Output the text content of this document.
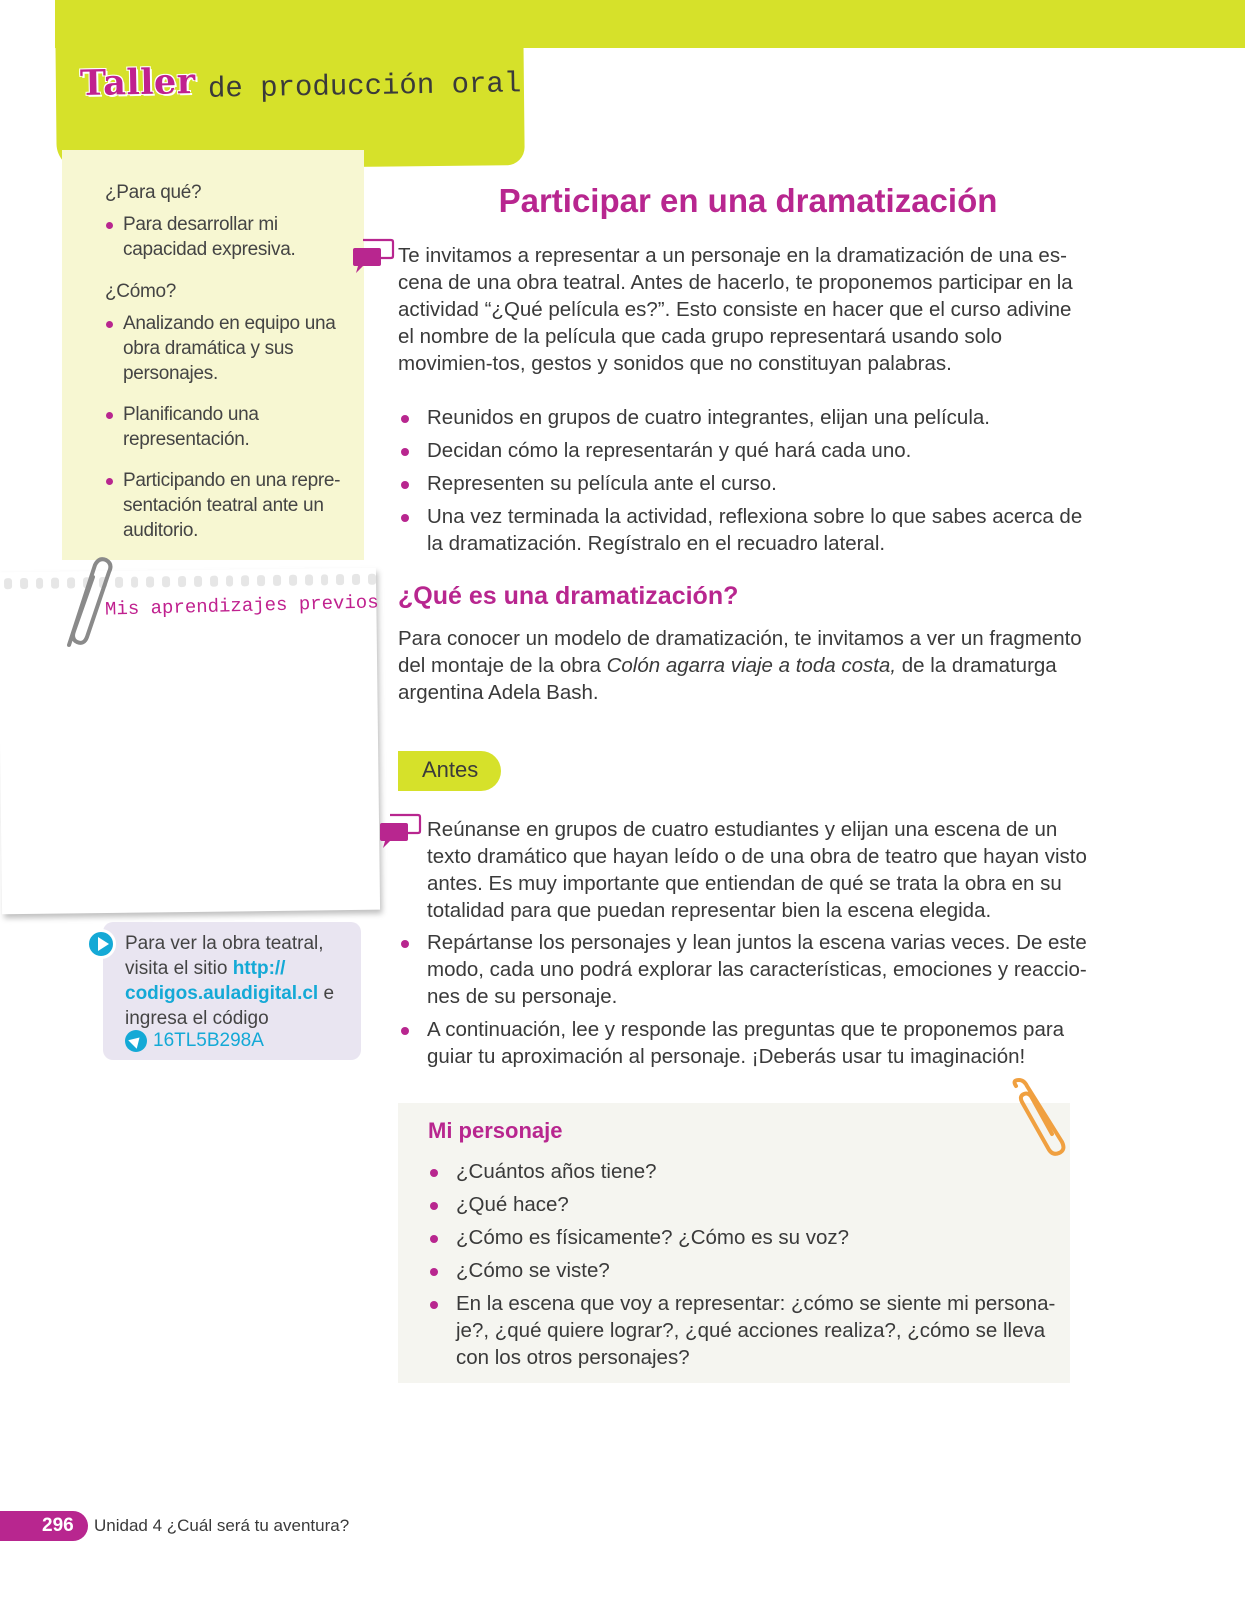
Taller de producción oral
¿Para qué?
Para desarrollar mi capacidad expresiva.
¿Cómo?
Analizando en equipo una obra dramática y sus personajes.
Planificando una representación.
Participando en una repre-sentación teatral ante un auditorio.
Mis aprendizajes previos
Para ver la obra teatral, visita el sitio http:// codigos.auladigital.cl e ingresa el código
16TL5B298A
Participar en una dramatización
Te invitamos a representar a un personaje en la dramatización de una es-cena de una obra teatral. Antes de hacerlo, te proponemos participar en la actividad “¿Qué película es?”. Esto consiste en hacer que el curso adivine el nombre de la película que cada grupo representará usando solo movimien-tos, gestos y sonidos que no constituyan palabras.
Reunidos en grupos de cuatro integrantes, elijan una película.
Decidan cómo la representarán y qué hará cada uno.
Representen su película ante el curso.
Una vez terminada la actividad, reflexiona sobre lo que sabes acerca de la dramatización. Regístralo en el recuadro lateral.
¿Qué es una dramatización?
Para conocer un modelo de dramatización, te invitamos a ver un fragmento del montaje de la obra Colón agarra viaje a toda costa, de la dramaturga argentina Adela Bash.
Antes
Reúnanse en grupos de cuatro estudiantes y elijan una escena de un texto dramático que hayan leído o de una obra de teatro que hayan visto antes. Es muy importante que entiendan de qué se trata la obra en su totalidad para que puedan representar bien la escena elegida.
Repártanse los personajes y lean juntos la escena varias veces. De este modo, cada uno podrá explorar las características, emociones y reaccio-nes de su personaje.
A continuación, lee y responde las preguntas que te proponemos para guiar tu aproximación al personaje. ¡Deberás usar tu imaginación!
Mi personaje
¿Cuántos años tiene?
¿Qué hace?
¿Cómo es físicamente? ¿Cómo es su voz?
¿Cómo se viste?
En la escena que voy a representar: ¿cómo se siente mi persona-je?, ¿qué quiere lograr?, ¿qué acciones realiza?, ¿cómo se lleva con los otros personajes?
296	Unidad 4 ¿Cuál será tu aventura?
